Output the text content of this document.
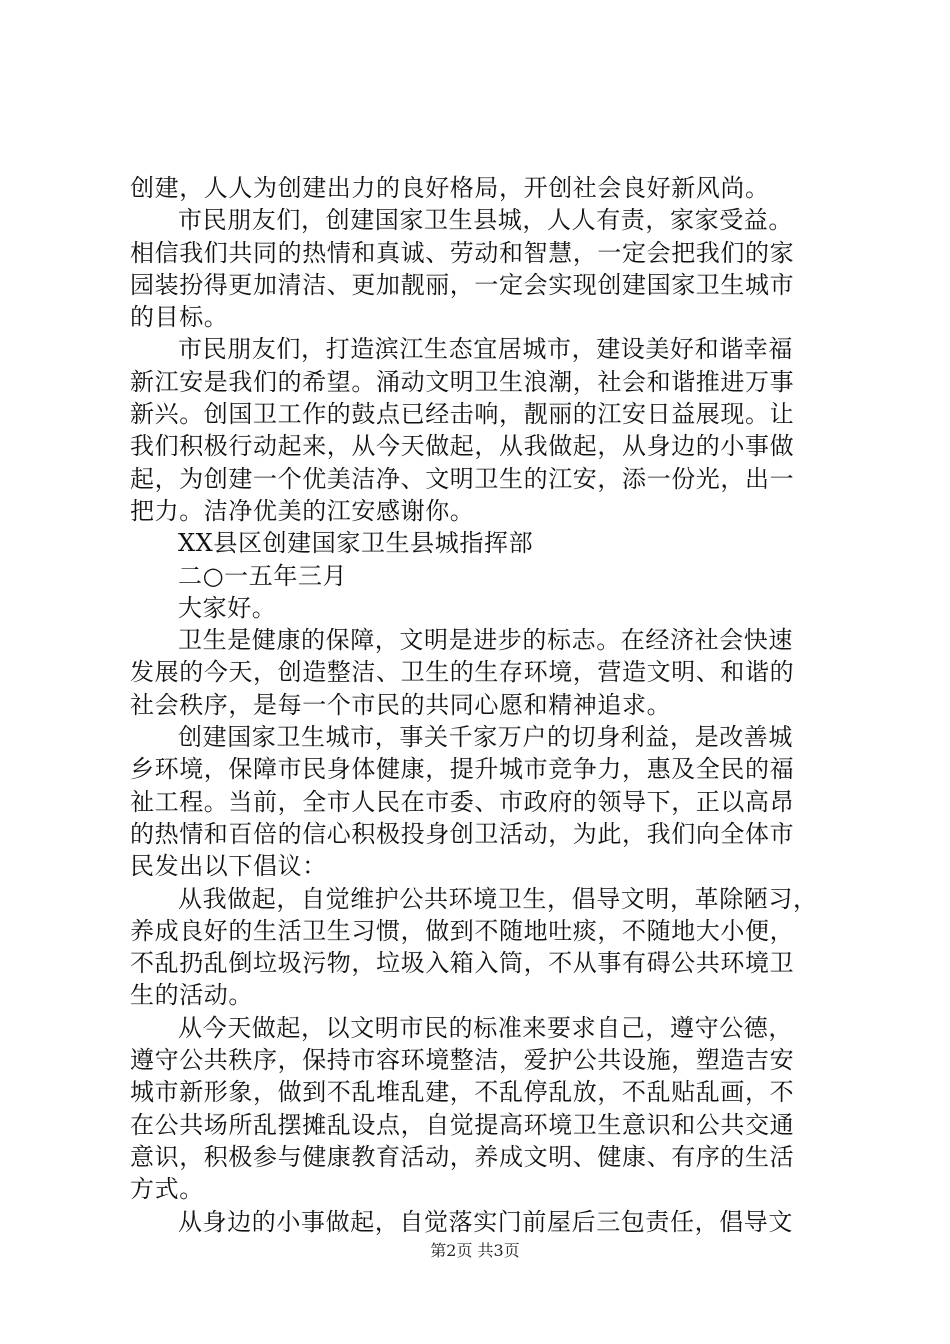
创建，人人为创建出力的良好格局，开创社会良好新风尚。
市民朋友们，创建国家卫生县城，人人有责，家家受益。
相信我们共同的热情和真诚、劳动和智慧，一定会把我们的家
园装扮得更加清洁、更加靓丽，一定会实现创建国家卫生城市
的目标。
市民朋友们，打造滨江生态宜居城市，建设美好和谐幸福
新江安是我们的希望。涌动文明卫生浪潮，社会和谐推进万事
新兴。创国卫工作的鼓点已经击响，靓丽的江安日益展现。让
我们积极行动起来，从今天做起，从我做起，从身边的小事做
起，为创建一个优美洁净、文明卫生的江安，添一份光，出一
把力。洁净优美的江安感谢你。
XX县区创建国家卫生县城指挥部
二○一五年三月
大家好。
卫生是健康的保障，文明是进步的标志。在经济社会快速
发展的今天，创造整洁、卫生的生存环境，营造文明、和谐的
社会秩序，是每一个市民的共同心愿和精神追求。
创建国家卫生城市，事关千家万户的切身利益，是改善城
乡环境，保障市民身体健康，提升城市竞争力，惠及全民的福
祉工程。当前，全市人民在市委、市政府的领导下，正以高昂
的热情和百倍的信心积极投身创卫活动，为此，我们向全体市
民发出以下倡议：
从我做起，自觉维护公共环境卫生，倡导文明，革除陋习，
养成良好的生活卫生习惯，做到不随地吐痰，不随地大小便，
不乱扔乱倒垃圾污物，垃圾入箱入筒，不从事有碍公共环境卫
生的活动。
从今天做起，以文明市民的标准来要求自己，遵守公德，
遵守公共秩序，保持市容环境整洁，爱护公共设施，塑造吉安
城市新形象，做到不乱堆乱建，不乱停乱放，不乱贴乱画，不
在公共场所乱摆摊乱设点，自觉提高环境卫生意识和公共交通
意识，积极参与健康教育活动，养成文明、健康、有序的生活
方式。
从身边的小事做起，自觉落实门前屋后三包责任，倡导文
第2页 共3页
